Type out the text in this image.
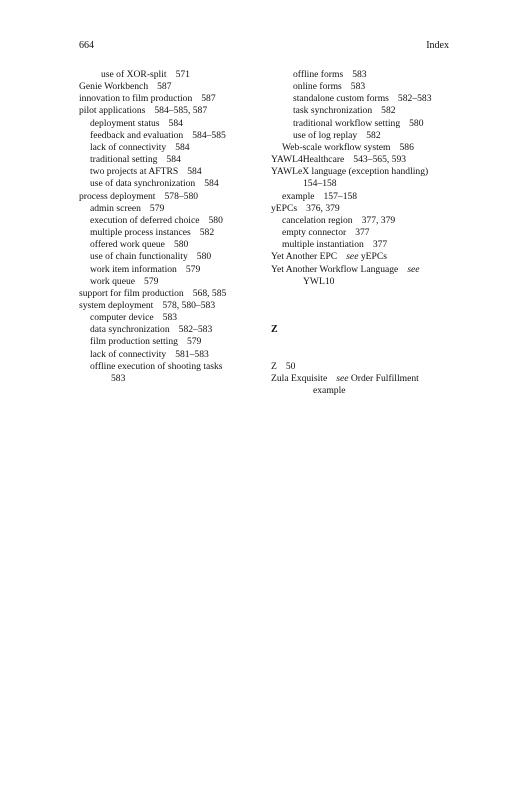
664	Index
use of XOR-split 571
Genie Workbench 587
innovation to film production 587
pilot applications 584–585, 587
deployment status 584
feedback and evaluation 584–585
lack of connectivity 584
traditional setting 584
two projects at AFTRS 584
use of data synchronization 584
process deployment 578–580
admin screen 579
execution of deferred choice 580
multiple process instances 582
offered work queue 580
use of chain functionality 580
work item information 579
work queue 579
support for film production 568, 585
system deployment 578, 580–583
computer device 583
data synchronization 582–583
film production setting 579
lack of connectivity 581–583
offline execution of shooting tasks
583
offline forms 583
online forms 583
standalone custom forms 582–583
task synchronization 582
traditional workflow setting 580
use of log replay 582
Web-scale workflow system 586
YAWL4Healthcare 543–565, 593
YAWLeX language (exception handling)
154–158
example 157–158
yEPCs 376, 379
cancelation region 377, 379
empty connector 377
multiple instantiation 377
Yet Another EPC see yEPCs
Yet Another Workflow Language see
YWL10
Z
Z 50
Zula Exquisite see Order Fulfillment
example
